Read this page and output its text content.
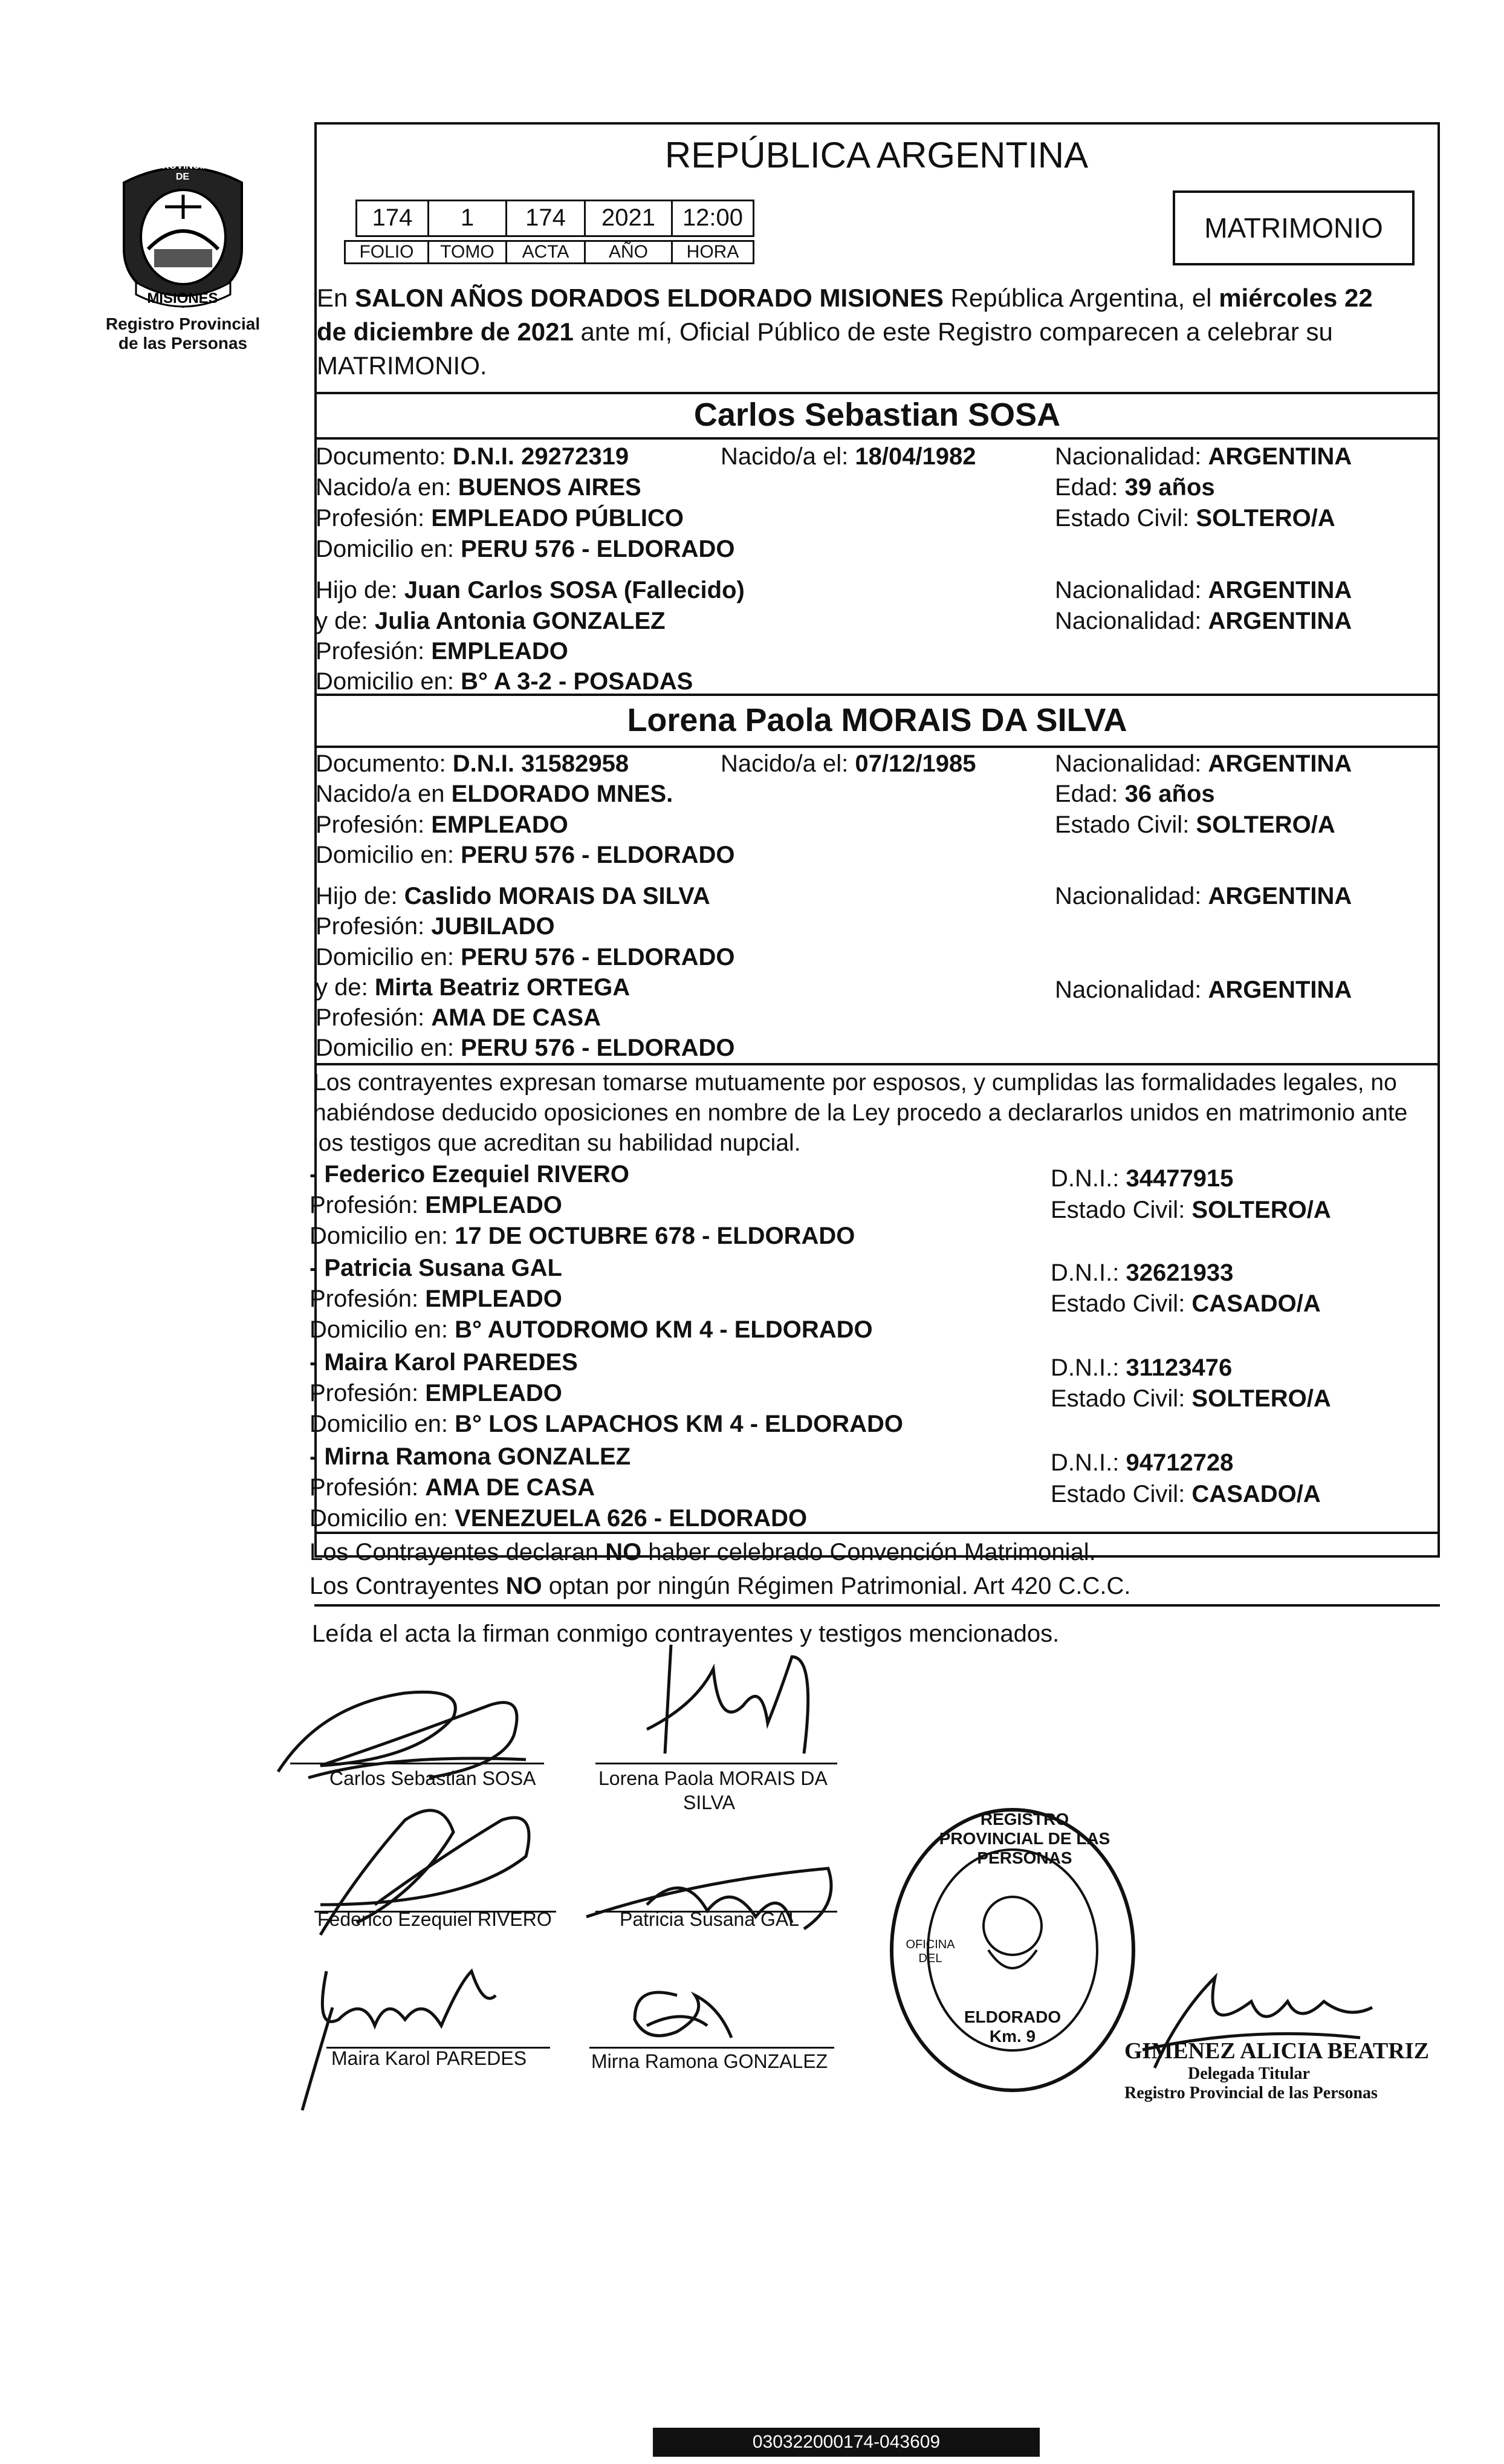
PROVINCIA DE
MISIONES
Registro Provincial
de las Personas
REPÚBLICA ARGENTINA
174	1	174	2021	12:00
FOLIO	TOMO	ACTA	AÑO	HORA
MATRIMONIO
En SALON AÑOS DORADOS ELDORADO MISIONES República Argentina, el miércoles 22
de diciembre de 2021 ante mí, Oficial Público de este Registro comparecen a celebrar su
MATRIMONIO.
Carlos Sebastian SOSA
Documento: D.N.I. 29272319	Nacido/a el: 18/04/1982	Nacionalidad: ARGENTINA
Nacido/a en: BUENOS AIRES	Edad: 39 años
Profesión: EMPLEADO PÚBLICO	Estado Civil: SOLTERO/A
Domicilio en: PERU 576 - ELDORADO
Hijo de: Juan Carlos SOSA (Fallecido)	Nacionalidad: ARGENTINA
y de: Julia Antonia GONZALEZ	Nacionalidad: ARGENTINA
Profesión: EMPLEADO
Domicilio en: B° A 3-2 - POSADAS
Lorena Paola MORAIS DA SILVA
Documento: D.N.I. 31582958	Nacido/a el: 07/12/1985	Nacionalidad: ARGENTINA
Nacido/a en ELDORADO MNES.	Edad: 36 años
Profesión: EMPLEADO	Estado Civil: SOLTERO/A
Domicilio en: PERU 576 - ELDORADO
Hijo de: Caslido MORAIS DA SILVA	Nacionalidad: ARGENTINA
Profesión: JUBILADO
Domicilio en: PERU 576 - ELDORADO
y de: Mirta Beatriz ORTEGA	Nacionalidad: ARGENTINA
Profesión: AMA DE CASA
Domicilio en: PERU 576 - ELDORADO
Los contrayentes expresan tomarse mutuamente por esposos, y cumplidas las formalidades legales, no
habiéndose deducido oposiciones en nombre de la Ley procedo a declararlos unidos en matrimonio ante
los testigos que acreditan su habilidad nupcial.
- Federico Ezequiel RIVERO
Profesión: EMPLEADO
Domicilio en: 17 DE OCTUBRE 678 - ELDORADO
D.N.I.: 34477915
Estado Civil: SOLTERO/A
- Patricia Susana GAL
Profesión: EMPLEADO
Domicilio en: B° AUTODROMO KM 4 - ELDORADO
D.N.I.: 32621933
Estado Civil: CASADO/A
- Maira Karol PAREDES
Profesión: EMPLEADO
Domicilio en: B° LOS LAPACHOS KM 4 - ELDORADO
D.N.I.: 31123476
Estado Civil: SOLTERO/A
- Mirna Ramona GONZALEZ
Profesión: AMA DE CASA
Domicilio en: VENEZUELA 626 - ELDORADO
D.N.I.: 94712728
Estado Civil: CASADO/A
Los Contrayentes declaran NO haber celebrado Convención Matrimonial.
Los Contrayentes NO optan por ningún Régimen Patrimonial. Art 420 C.C.C.
Leída el acta la firman conmigo contrayentes y testigos mencionados.
Carlos Sebastian SOSA	Lorena Paola MORAIS DA
SILVA
Federico Ezequiel RIVERO	Patricia Susana GAL
Maira Karol PAREDES	Mirna Ramona GONZALEZ
REGISTRO PROVINCIAL DE LAS PERSONAS
ELDORADO Km. 9
OFICINA DEL
GIMENEZ ALICIA BEATRIZ
Delegada Titular
Registro Provincial de las Personas
030322000174-043609
